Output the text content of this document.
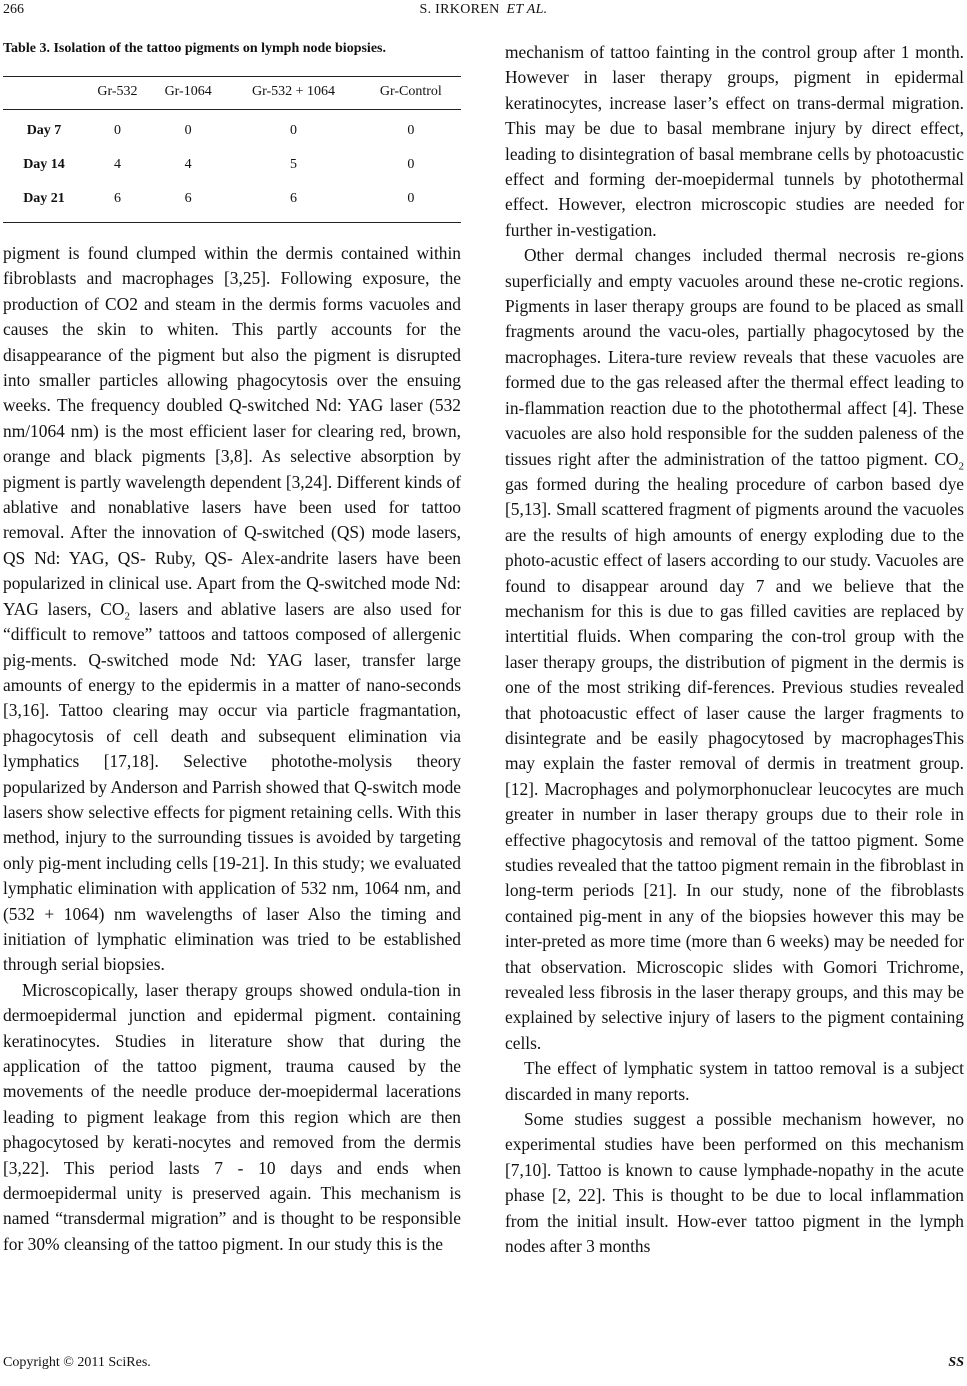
266	S. IRKOREN ET AL.

Table 3. Isolation of the tattoo pigments on lymph node biopsies.

	Gr-532	Gr-1064	Gr-532 + 1064	Gr-Control
Day 7	0	0	0	0
Day 14	4	4	5	0
Day 21	6	6	6	0

pigment is found clumped within the dermis contained within fibroblasts and macrophages [3,25]. Following exposure, the production of CO2 and steam in the dermis forms vacuoles and causes the skin to whiten. This partly accounts for the disappearance of the pigment but also the pigment is disrupted into smaller particles allowing phagocytosis over the ensuing weeks. The frequency doubled Q-switched Nd: YAG laser (532 nm/1064 nm) is the most efficient laser for clearing red, brown, orange and black pigments [3,8]. As selective absorption by pigment is partly wavelength dependent [3,24]. Different kinds of ablative and nonablative lasers have been used for tattoo removal. After the innovation of Q-switched (QS) mode lasers, QS Nd: YAG, QS- Ruby, QS- Alex-andrite lasers have been popularized in clinical use. Apart from the Q-switched mode Nd: YAG lasers, $CO_2$ lasers and ablative lasers are also used for “difficult to remove” tattoos and tattoos composed of allergenic pig-ments. Q-switched mode Nd: YAG laser, transfer large amounts of energy to the epidermis in a matter of nano-seconds [3,16]. Tattoo clearing may occur via particle fragmantation, phagocytosis of cell death and subsequent elimination via lymphatics [17,18]. Selective photothe-molysis theory popularized by Anderson and Parrish showed that Q-switch mode lasers show selective effects for pigment retaining cells. With this method, injury to the surrounding tissues is avoided by targeting only pig-ment including cells [19-21]. In this study; we evaluated lymphatic elimination with application of 532 nm, 1064 nm, and (532 + 1064) nm wavelengths of laser Also the timing and initiation of lymphatic elimination was tried to be established through serial biopsies.

Microscopically, laser therapy groups showed ondula-tion in dermoepidermal junction and epidermal pigment. containing keratinocytes. Studies in literature show that during the application of the tattoo pigment, trauma caused by the movements of the needle produce der-moepidermal lacerations leading to pigment leakage from this region which are then phagocytosed by kerati-nocytes and removed from the dermis [3,22]. This period lasts 7 - 10 days and ends when dermoepidermal unity is preserved again. This mechanism is named “transdermal migration” and is thought to be responsible for 30% cleansing of the tattoo pigment. In our study this is the

mechanism of tattoo fainting in the control group after 1 month. However in laser therapy groups, pigment in epidermal keratinocytes, increase laser’s effect on trans-dermal migration. This may be due to basal membrane injury by direct effect, leading to disintegration of basal membrane cells by photoacustic effect and forming der-moepidermal tunnels by photothermal effect. However, electron microscopic studies are needed for further in-vestigation.

Other dermal changes included thermal necrosis re-gions superficially and empty vacuoles around these ne-crotic regions. Pigments in laser therapy groups are found to be placed as small fragments around the vacu-oles, partially phagocytosed by the macrophages. Litera-ture review reveals that these vacuoles are formed due to the gas released after the thermal effect leading to in-flammation reaction due to the photothermal affect [4]. These vacuoles are also hold responsible for the sudden paleness of the tissues right after the administration of the tattoo pigment. $CO_2$ gas formed during the healing procedure of carbon based dye [5,13]. Small scattered fragment of pigments around the vacuoles are the results of high amounts of energy exploding due to the photo-acustic effect of lasers according to our study. Vacuoles are found to disappear around day 7 and we believe that the mechanism for this is due to gas filled cavities are replaced by intertitial fluids. When comparing the con-trol group with the laser therapy groups, the distribution of pigment in the dermis is one of the most striking dif-ferences. Previous studies revealed that photoacustic effect of laser cause the larger fragments to disintegrate and be easily phagocytosed by macrophagesThis may explain the faster removal of dermis in treatment group. [12]. Macrophages and polymorphonuclear leucocytes are much greater in number in laser therapy groups due to their role in effective phagocytosis and removal of the tattoo pigment. Some studies revealed that the tattoo pigment remain in the fibroblast in long-term periods [21]. In our study, none of the fibroblasts contained pig-ment in any of the biopsies however this may be inter-preted as more time (more than 6 weeks) may be needed for that observation. Microscopic slides with Gomori Trichrome, revealed less fibrosis in the laser therapy groups, and this may be explained by selective injury of lasers to the pigment containing cells.

The effect of lymphatic system in tattoo removal is a subject discarded in many reports.

Some studies suggest a possible mechanism however, no experimental studies have been performed on this mechanism [7,10]. Tattoo is known to cause lymphade-nopathy in the acute phase [2, 22]. This is thought to be due to local inflammation from the initial insult. How-ever tattoo pigment in the lymph nodes after 3 months

Copyright © 2011 SciRes.	SS
